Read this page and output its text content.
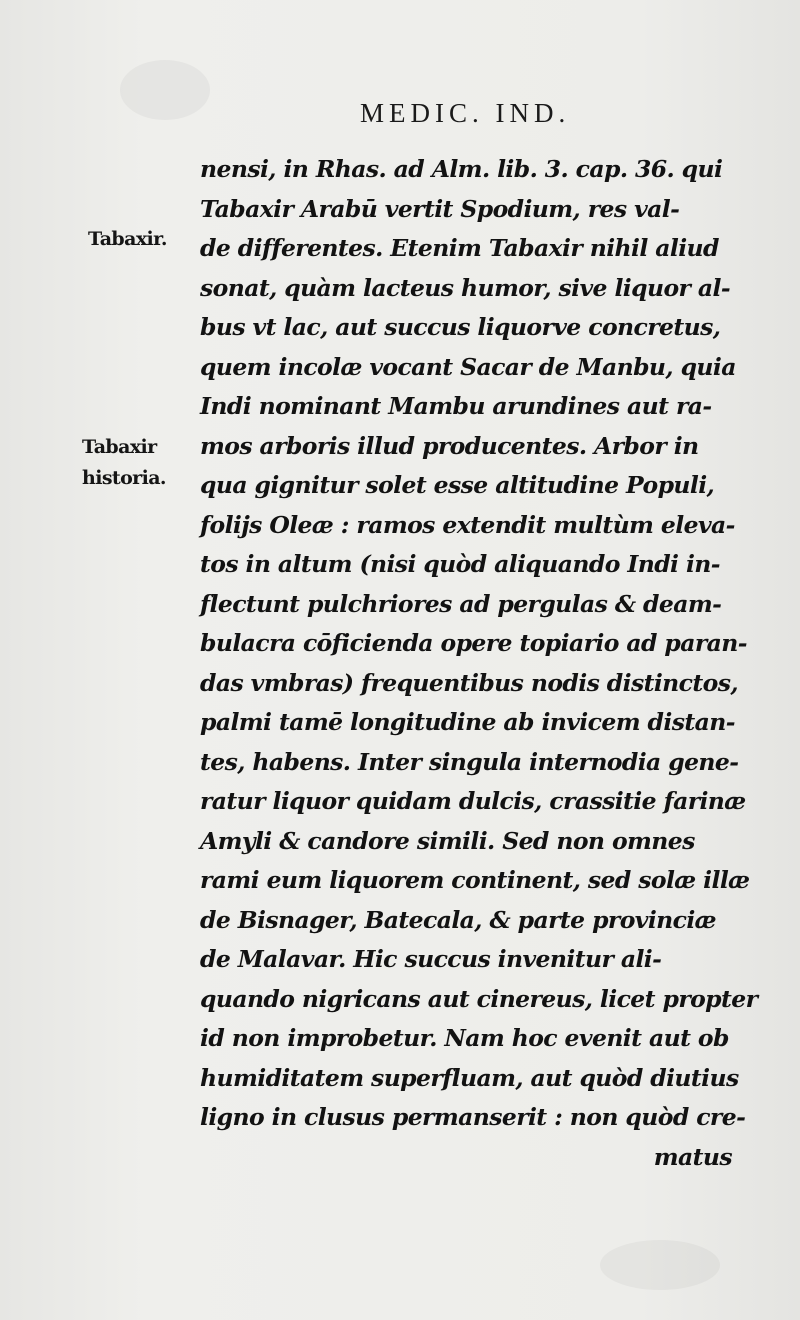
MEDIC. IND.
Tabaxir.
Tabaxir
historia.
nensi, in Rhas. ad Alm. lib. 3. cap. 36. qui
Tabaxir Arabū vertit Spodium, res val-
de differentes. Etenim Tabaxir nihil aliud
sonat, quàm lacteus humor, sive liquor al-
bus vt lac, aut succus liquorve concretus,
quem incolæ vocant Sacar de Manbu, quia
Indi nominant Mambu arundines aut ra-
mos arboris illud producentes. Arbor in
qua gignitur solet esse altitudine Populi,
folijs Oleæ : ramos extendit multùm eleva-
tos in altum (nisi quòd aliquando Indi in-
flectunt pulchriores ad pergulas & deam-
bulacra cōficienda opere topiario ad paran-
das vmbras) frequentibus nodis distinctos,
palmi tamē longitudine ab invicem distan-
tes, habens. Inter singula internodia gene-
ratur liquor quidam dulcis, crassitie farinæ
Amyli & candore simili. Sed non omnes
rami eum liquorem continent, sed solæ illæ
de Bisnager, Batecala, & parte provinciæ
de Malavar. Hic succus invenitur ali-
quando nigricans aut cinereus, licet propter
id non improbetur. Nam hoc evenit aut ob
humiditatem superfluam, aut quòd diutius
ligno in clusus permanserit : non quòd cre-
matus
